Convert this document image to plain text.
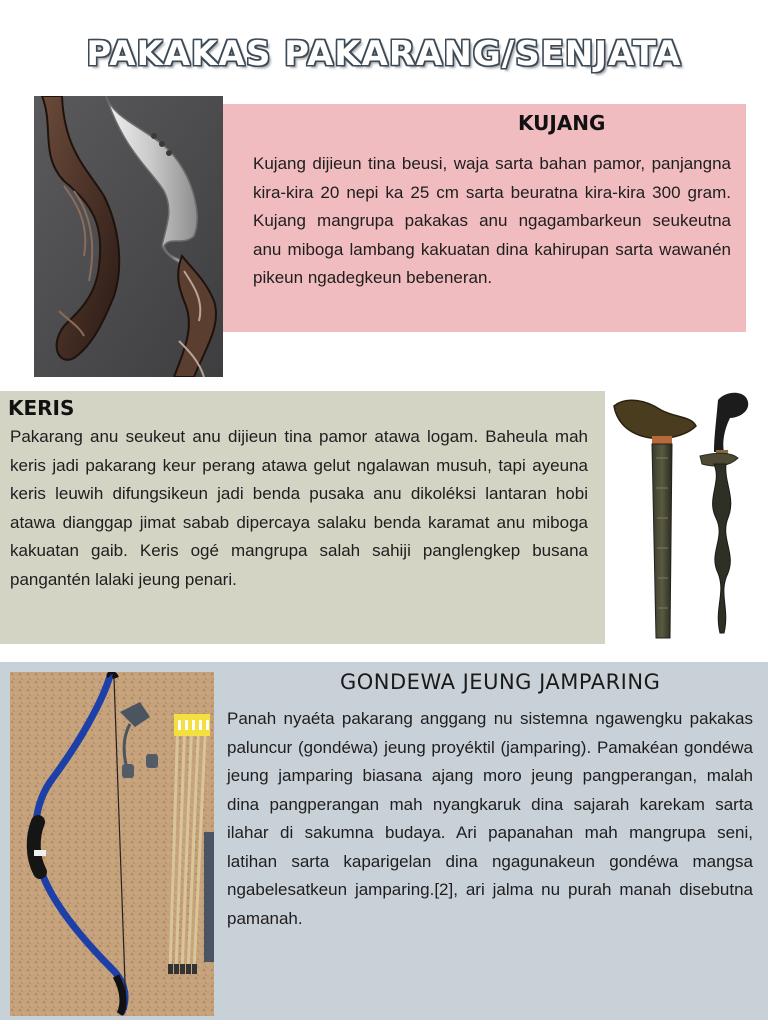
PAKAKAS PAKARANG/SENJATA
KUJANG
Kujang dijieun tina beusi, waja sarta bahan pamor, panjangna kira-kira 20 nepi ka 25 cm sarta beuratna kira-kira 300 gram. Kujang mangrupa pakakas anu ngagambarkeun seukeutna anu miboga lambang kakuatan dina kahirupan sarta wawanén pikeun ngadegkeun bebeneran.
KERIS
Pakarang anu seukeut anu dijieun tina pamor atawa logam. Baheula mah keris jadi pakarang keur perang atawa gelut ngalawan musuh, tapi ayeuna keris leuwih difungsikeun jadi benda pusaka anu dikoléksi lantaran hobi atawa dianggap jimat sabab dipercaya salaku benda karamat anu miboga kakuatan gaib. Keris ogé mangrupa salah sahiji panglengkep busana pangantén lalaki jeung penari.
GONDEWA JEUNG JAMPARING
Panah nyaéta pakarang anggang nu sistemna ngawengku pakakas paluncur (gondéwa) jeung proyéktil (jamparing). Pamakéan gondéwa jeung jamparing biasana ajang moro jeung pangperangan, malah dina pangperangan mah nyangkaruk dina sajarah karekam sarta ilahar di sakumna budaya. Ari papanahan mah mangrupa seni, latihan sarta kaparigelan dina ngagunakeun gondéwa mangsa ngabelesatkeun jamparing.[2], ari jalma nu purah manah disebutna pamanah.
